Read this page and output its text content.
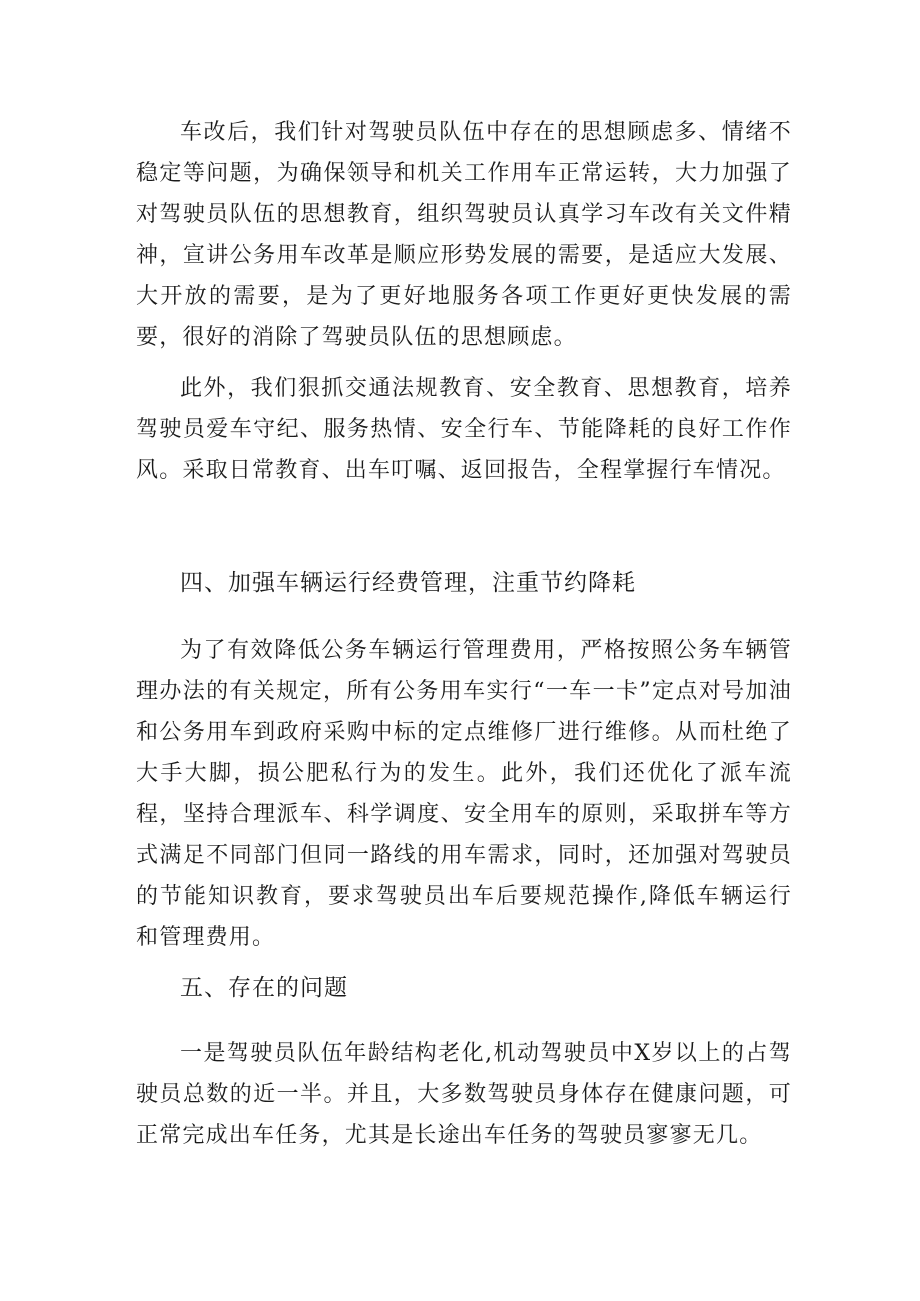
车改后，我们针对驾驶员队伍中存在的思想顾虑多、情绪不稳定等问题，为确保领导和机关工作用车正常运转，大力加强了对驾驶员队伍的思想教育，组织驾驶员认真学习车改有关文件精神，宣讲公务用车改革是顺应形势发展的需要，是适应大发展、大开放的需要，是为了更好地服务各项工作更好更快发展的需要，很好的消除了驾驶员队伍的思想顾虑。

此外，我们狠抓交通法规教育、安全教育、思想教育，培养驾驶员爱车守纪、服务热情、安全行车、节能降耗的良好工作作风。采取日常教育、出车叮嘱、返回报告，全程掌握行车情况。

四、加强车辆运行经费管理，注重节约降耗

为了有效降低公务车辆运行管理费用，严格按照公务车辆管理办法的有关规定，所有公务用车实行“一车一卡”定点对号加油和公务用车到政府采购中标的定点维修厂进行维修。从而杜绝了大手大脚，损公肥私行为的发生。此外，我们还优化了派车流程，坚持合理派车、科学调度、安全用车的原则，采取拼车等方式满足不同部门但同一路线的用车需求，同时，还加强对驾驶员的节能知识教育，要求驾驶员出车后要规范操作,降低车辆运行和管理费用。

五、存在的问题

一是驾驶员队伍年龄结构老化,机动驾驶员中X岁以上的占驾驶员总数的近一半。并且，大多数驾驶员身体存在健康问题，可正常完成出车任务，尤其是长途出车任务的驾驶员寥寥无几。
